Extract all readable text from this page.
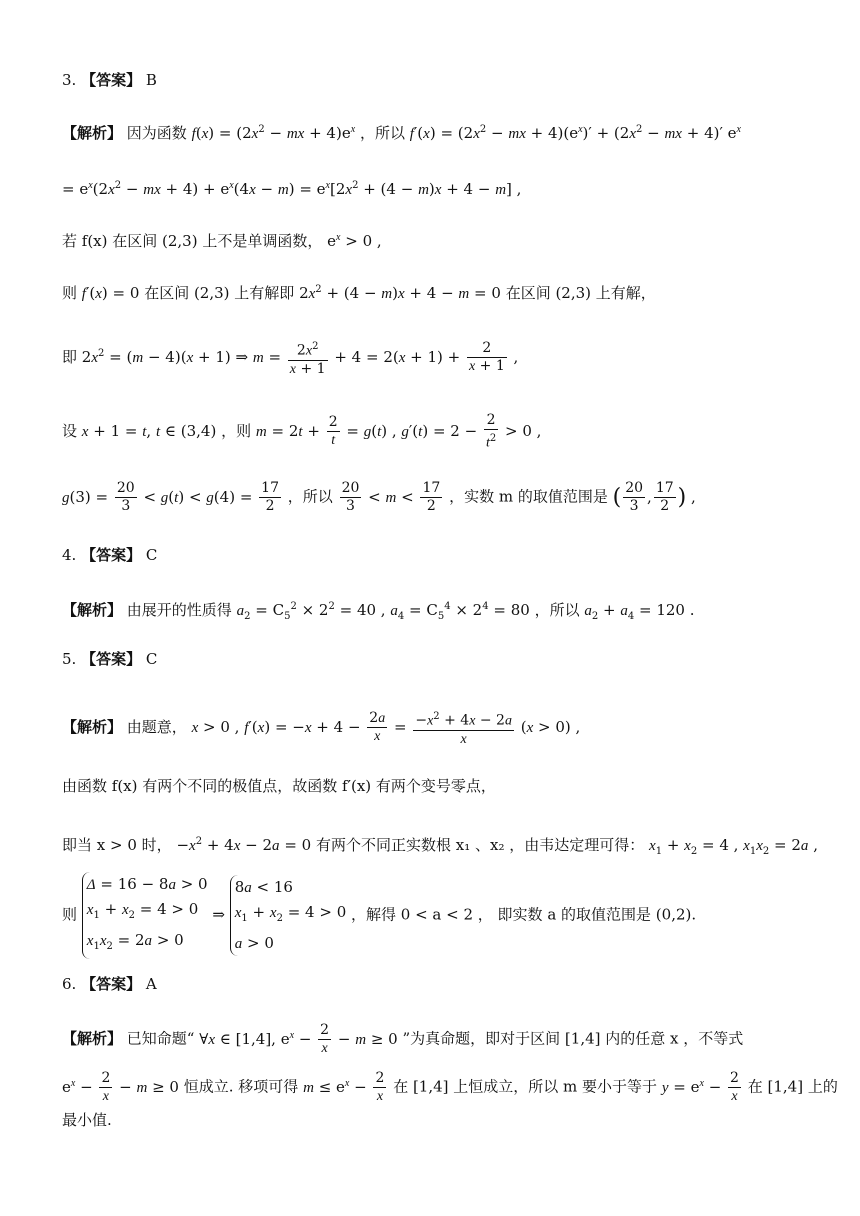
3. 【答案】 B
【解析】 因为函数 $f(x) = (2x^2$ − mx + $4)e^x$ ，所以 $f'(x) = (2x^2$ − mx + $4)(e^x)' + (2x^2$ − mx + 4)′ $e^x$
= $e^x(2x^2$ − mx + $4) + e^x(4x - m) = e^x[2x^2 + (4 - m)x + 4 - m]$ ,
若 f(x) 在区间 (2,3) 上不是单调函数， $e^x > 0$ ,
则 f′(x) = 0 在区间 (2,3) 上有解即 $2x^2 + (4 - m)x + 4 - m = 0$ 在区间 (2,3) 上有解，
即 $2x^2 = (m - 4)(x + 1)$ ⇒ $m = \frac{2x^2}{x + 1} + 4 = 2(x + 1) + \frac{2}{x + 1}$ ,
设 x + 1 = t, t ∈ (3,4) ，则 $m = 2t + \frac{2}{t} = g(t)$ , $g'(t) = 2 - \frac{2}{t^2} > 0$ ,
$g(3) = \frac{20}{3} < g(t) < g(4) = \frac{17}{2}$ ，所以 $\frac{20}{3} < m < \frac{17}{2}$ ，实数 m 的取值范围是 ( $\frac{20}{3}$ , $\frac{17}{2}$ ) ,
4. 【答案】 C
【解析】 由展开的性质得 $a_2 = C_5^2 \times 2^2 = 40$ , $a_4 = C_5^4 \times 2^4 = 80$ ，所以 $a_2 + a_4 = 120$ .
5. 【答案】 C
【解析】 由题意， x > 0 , $f'(x) = -x + 4 - \frac{2a}{x} = \frac{-x^2 + 4x - 2a}{x} (x > 0)$ ,
由函数 f(x) 有两个不同的极值点，故函数 f′(x) 有两个变号零点，
即当 x > 0 时， $-x^2 + 4x - 2a = 0$ 有两个不同正实数根 x₁ 、x₂ ，由韦达定理可得： $x_1 + x_2 = 4$ , $x_1x_2 = 2a$ ,
则
Δ = 16 − 8a > 0
$x_1 + x_2 = 4 > 0$
$x_1x_2 = 2a > 0$
⇒
8a < 16
$x_1 + x_2 = 4 > 0$
a > 0
，解得 0 < a < 2 ， 即实数 a 的取值范围是 (0,2).
6. 【答案】 A
【解析】 已知命题“ ∀x ∈ [1,4], $e^x - \frac{2}{x} - m \ge 0$ ”为真命题，即对于区间 [1,4] 内的任意 x ，不等式
$e^x - \frac{2}{x} - m \ge 0$ 恒成立. 移项可得 $m \le e^x - \frac{2}{x}$ 在 [1,4] 上恒成立，所以 m 要小于等于 $y = e^x - \frac{2}{x}$ 在 [1,4] 上的
最小值.
